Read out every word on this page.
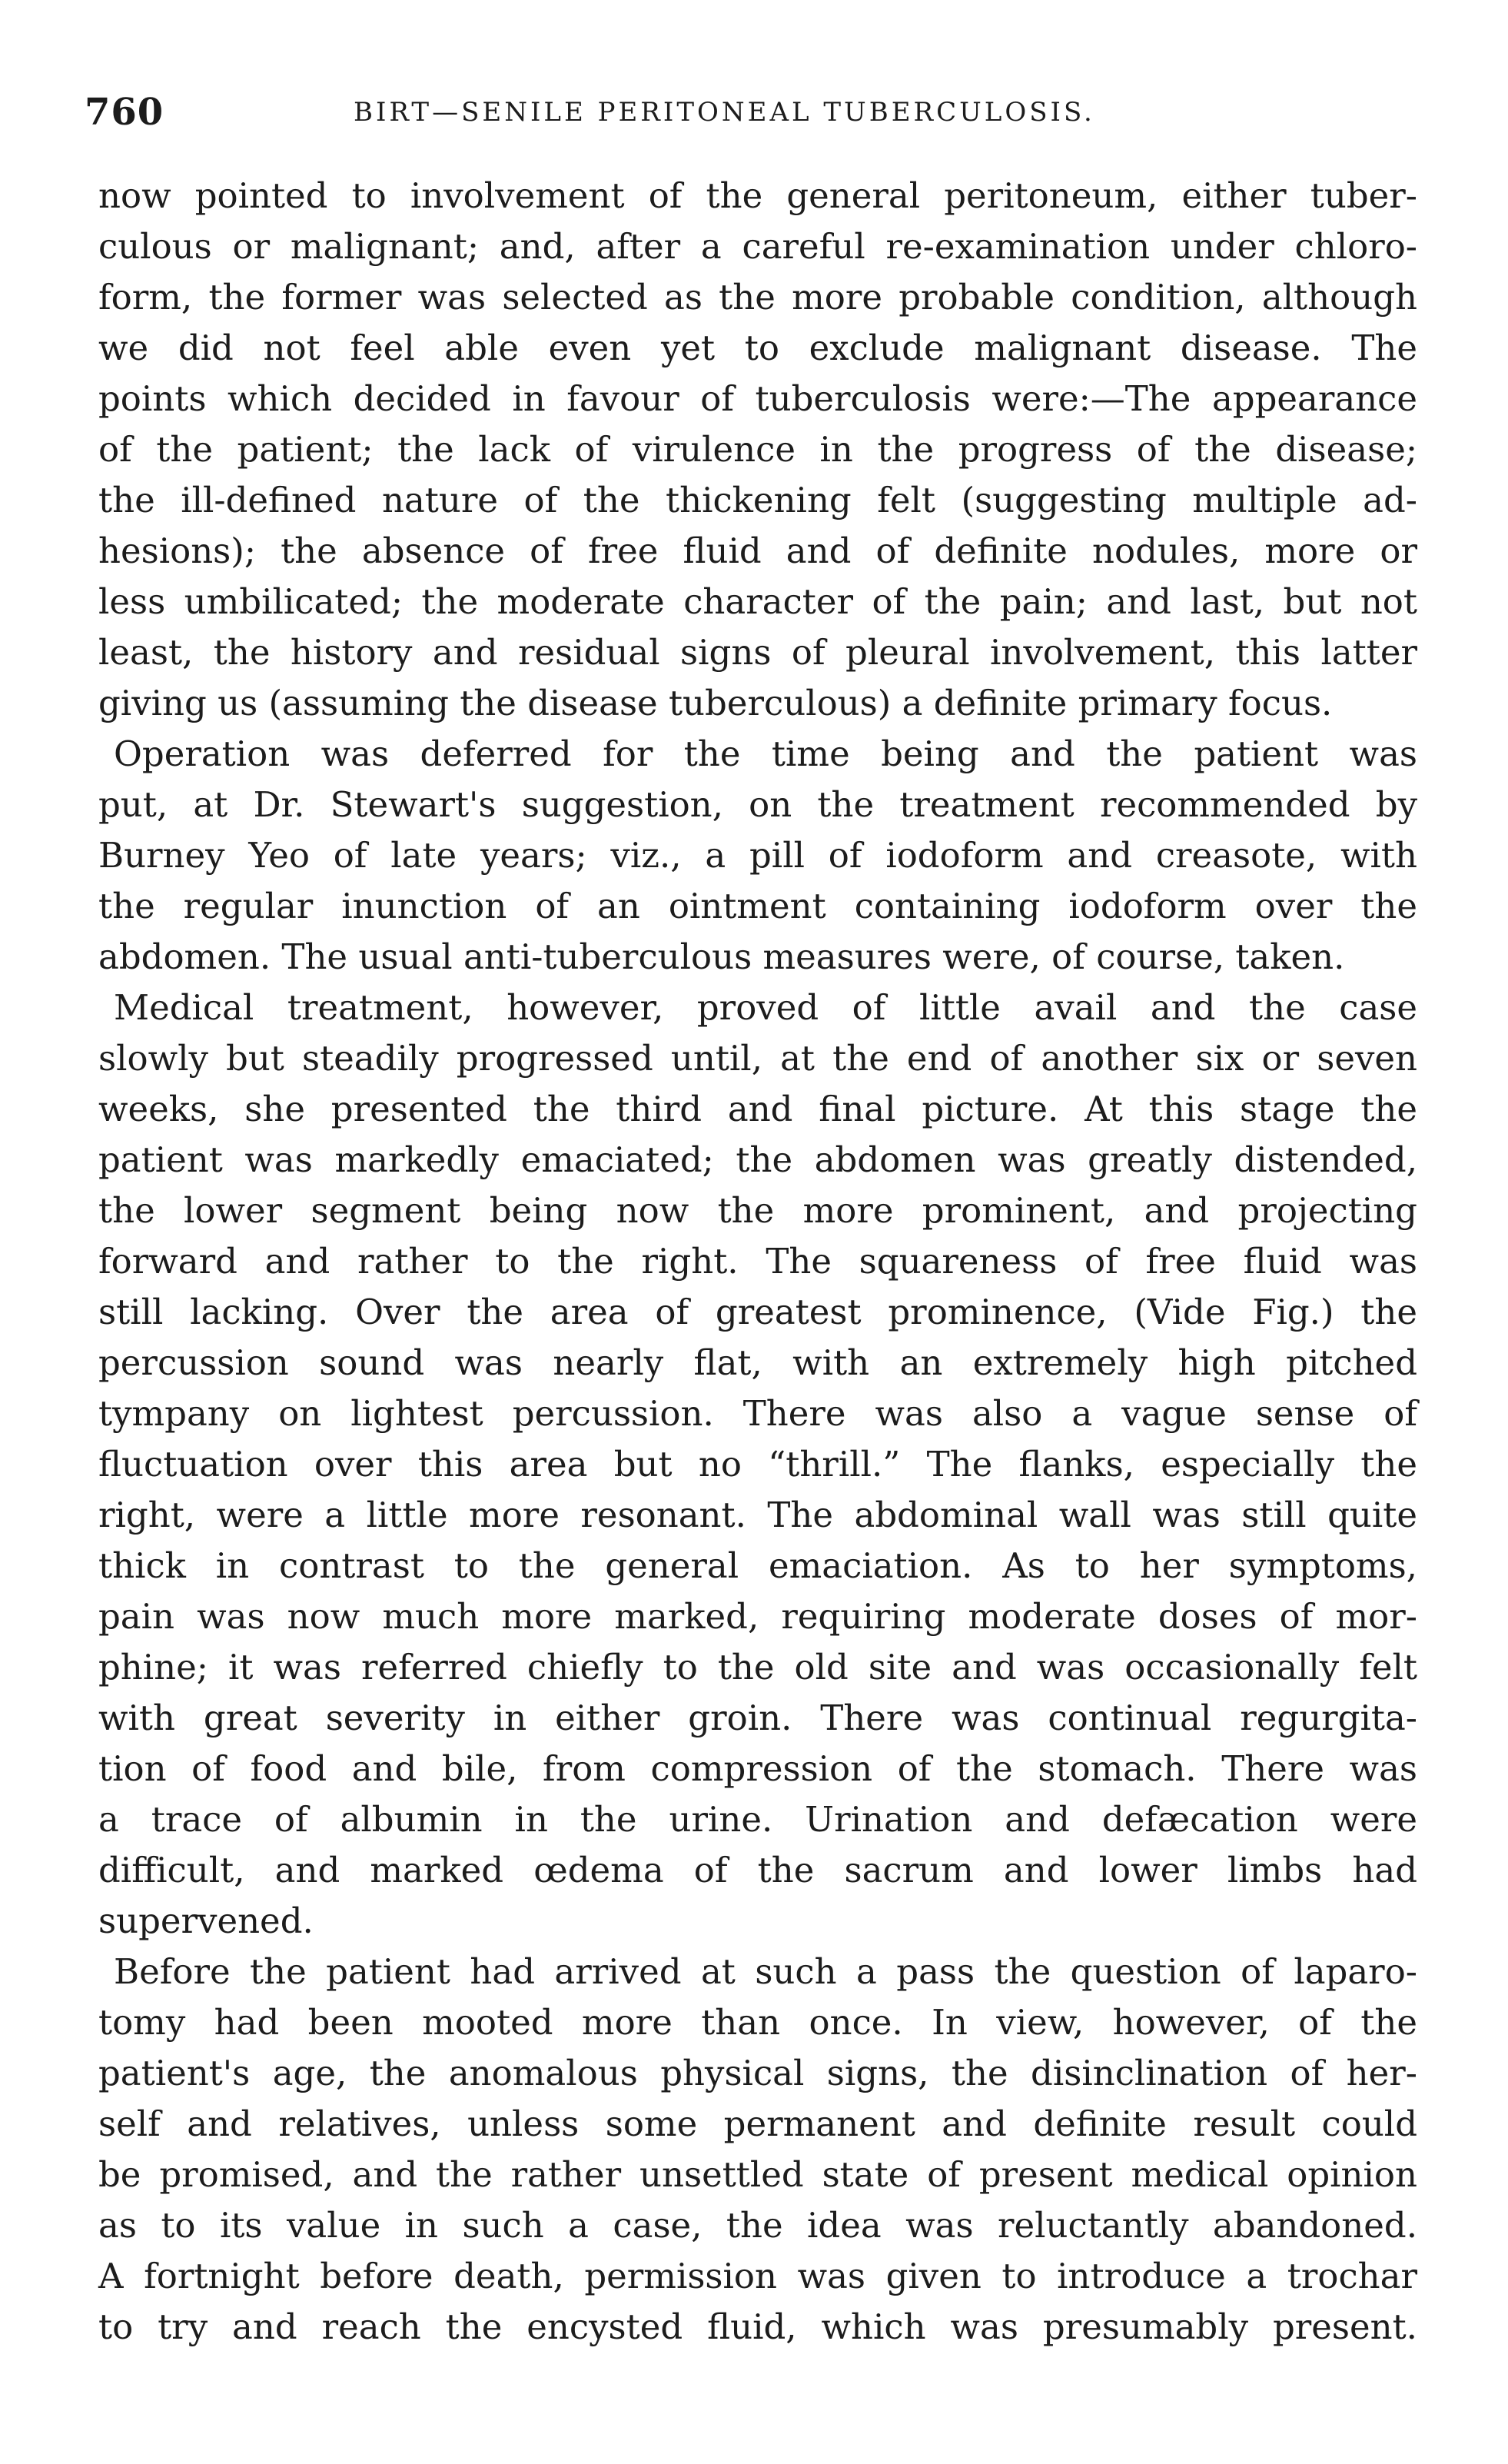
760	BIRT—SENILE PERITONEAL TUBERCULOSIS.
now pointed to involvement of the general peritoneum, either tuber-
culous or malignant; and, after a careful re-examination under chloro-
form, the former was selected as the more probable condition, although
we did not feel able even yet to exclude malignant disease. The
points which decided in favour of tuberculosis were:—The appearance
of the patient; the lack of virulence in the progress of the disease;
the ill-defined nature of the thickening felt (suggesting multiple ad-
hesions); the absence of free fluid and of definite nodules, more or
less umbilicated; the moderate character of the pain; and last, but not
least, the history and residual signs of pleural involvement, this latter
giving us (assuming the disease tuberculous) a definite primary focus.
Operation was deferred for the time being and the patient was
put, at Dr. Stewart's suggestion, on the treatment recommended by
Burney Yeo of late years; viz., a pill of iodoform and creasote, with
the regular inunction of an ointment containing iodoform over the
abdomen. The usual anti-tuberculous measures were, of course, taken.
Medical treatment, however, proved of little avail and the case
slowly but steadily progressed until, at the end of another six or seven
weeks, she presented the third and final picture. At this stage the
patient was markedly emaciated; the abdomen was greatly distended,
the lower segment being now the more prominent, and projecting
forward and rather to the right. The squareness of free fluid was
still lacking. Over the area of greatest prominence, (Vide Fig.) the
percussion sound was nearly flat, with an extremely high pitched
tympany on lightest percussion. There was also a vague sense of
fluctuation over this area but no “thrill.” The flanks, especially the
right, were a little more resonant. The abdominal wall was still quite
thick in contrast to the general emaciation. As to her symptoms,
pain was now much more marked, requiring moderate doses of mor-
phine; it was referred chiefly to the old site and was occasionally felt
with great severity in either groin. There was continual regurgita-
tion of food and bile, from compression of the stomach. There was
a trace of albumin in the urine. Urination and defæcation were
difficult, and marked œdema of the sacrum and lower limbs had
supervened.
Before the patient had arrived at such a pass the question of laparo-
tomy had been mooted more than once. In view, however, of the
patient's age, the anomalous physical signs, the disinclination of her-
self and relatives, unless some permanent and definite result could
be promised, and the rather unsettled state of present medical opinion
as to its value in such a case, the idea was reluctantly abandoned.
A fortnight before death, permission was given to introduce a trochar
to try and reach the encysted fluid, which was presumably present.
